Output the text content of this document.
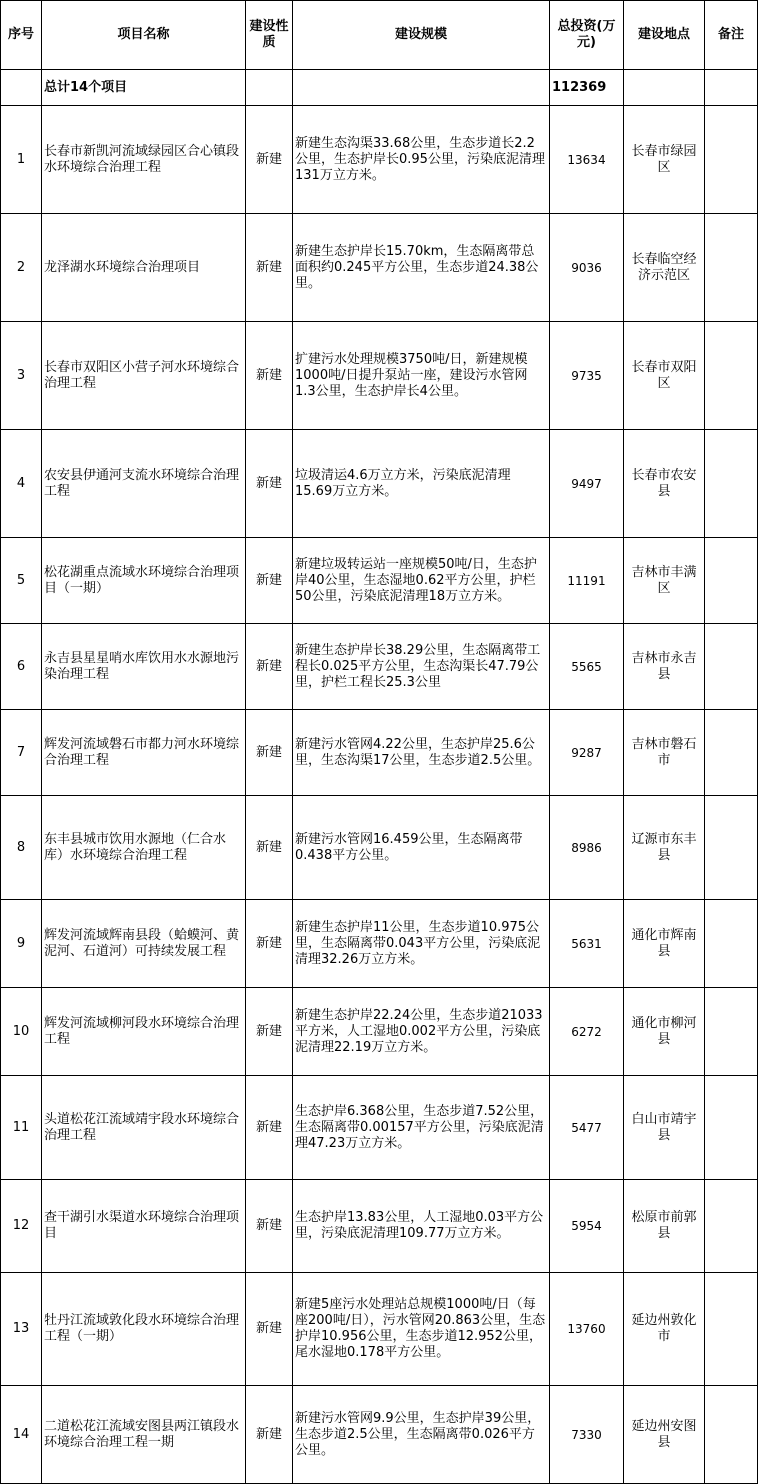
序号	项目名称	建设性质	建设规模	总投资(万元)	建设地点	备注
	总计14个项目			112369		
1	长春市新凯河流域绿园区合心镇段水环境综合治理工程	新建	新建生态沟渠33.68公里，生态步道长2.2公里，生态护岸长0.95公里，污染底泥清理131万立方米。	13634	长春市绿园区	
2	龙泽湖水环境综合治理项目	新建	新建生态护岸长15.70km，生态隔离带总面积约0.245平方公里，生态步道24.38公里。	9036	长春临空经济示范区	
3	长春市双阳区小营子河水环境综合治理工程	新建	扩建污水处理规模3750吨/日，新建规模1000吨/日提升泵站一座，建设污水管网1.3公里，生态护岸长4公里。	9735	长春市双阳区	
4	农安县伊通河支流水环境综合治理工程	新建	垃圾清运4.6万立方米，污染底泥清理15.69万立方米。	9497	长春市农安县	
5	松花湖重点流域水环境综合治理项目（一期）	新建	新建垃圾转运站一座规模50吨/日，生态护岸40公里，生态湿地0.62平方公里，护栏50公里，污染底泥清理18万立方米。	11191	吉林市丰满区	
6	永吉县星星哨水库饮用水水源地污染治理工程	新建	新建生态护岸长38.29公里，生态隔离带工程长0.025平方公里，生态沟渠长47.79公里，护栏工程长25.3公里	5565	吉林市永吉县	
7	辉发河流域磐石市都力河水环境综合治理工程	新建	新建污水管网4.22公里，生态护岸25.6公里，生态沟渠17公里，生态步道2.5公里。	9287	吉林市磐石市	
8	东丰县城市饮用水源地（仁合水库）水环境综合治理工程	新建	新建污水管网16.459公里，生态隔离带0.438平方公里。	8986	辽源市东丰县	
9	辉发河流域辉南县段（蛤蟆河、黄泥河、石道河）可持续发展工程	新建	新建生态护岸11公里，生态步道10.975公里，生态隔离带0.043平方公里，污染底泥清理32.26万立方米。	5631	通化市辉南县	
10	辉发河流域柳河段水环境综合治理工程	新建	新建生态护岸22.24公里，生态步道21033平方米，人工湿地0.002平方公里，污染底泥清理22.19万立方米。	6272	通化市柳河县	
11	头道松花江流域靖宇段水环境综合治理工程	新建	生态护岸6.368公里，生态步道7.52公里，生态隔离带0.00157平方公里，污染底泥清理47.23万立方米。	5477	白山市靖宇县	
12	查干湖引水渠道水环境综合治理项目	新建	生态护岸13.83公里，人工湿地0.03平方公里，污染底泥清理109.77万立方米。	5954	松原市前郭县	
13	牡丹江流域敦化段水环境综合治理工程（一期）	新建	新建5座污水处理站总规模1000吨/日（每座200吨/日），污水管网20.863公里，生态护岸10.956公里，生态步道12.952公里，尾水湿地0.178平方公里。	13760	延边州敦化市	
14	二道松花江流域安图县两江镇段水环境综合治理工程一期	新建	新建污水管网9.9公里，生态护岸39公里，生态步道2.5公里，生态隔离带0.026平方公里。	7330	延边州安图县	
